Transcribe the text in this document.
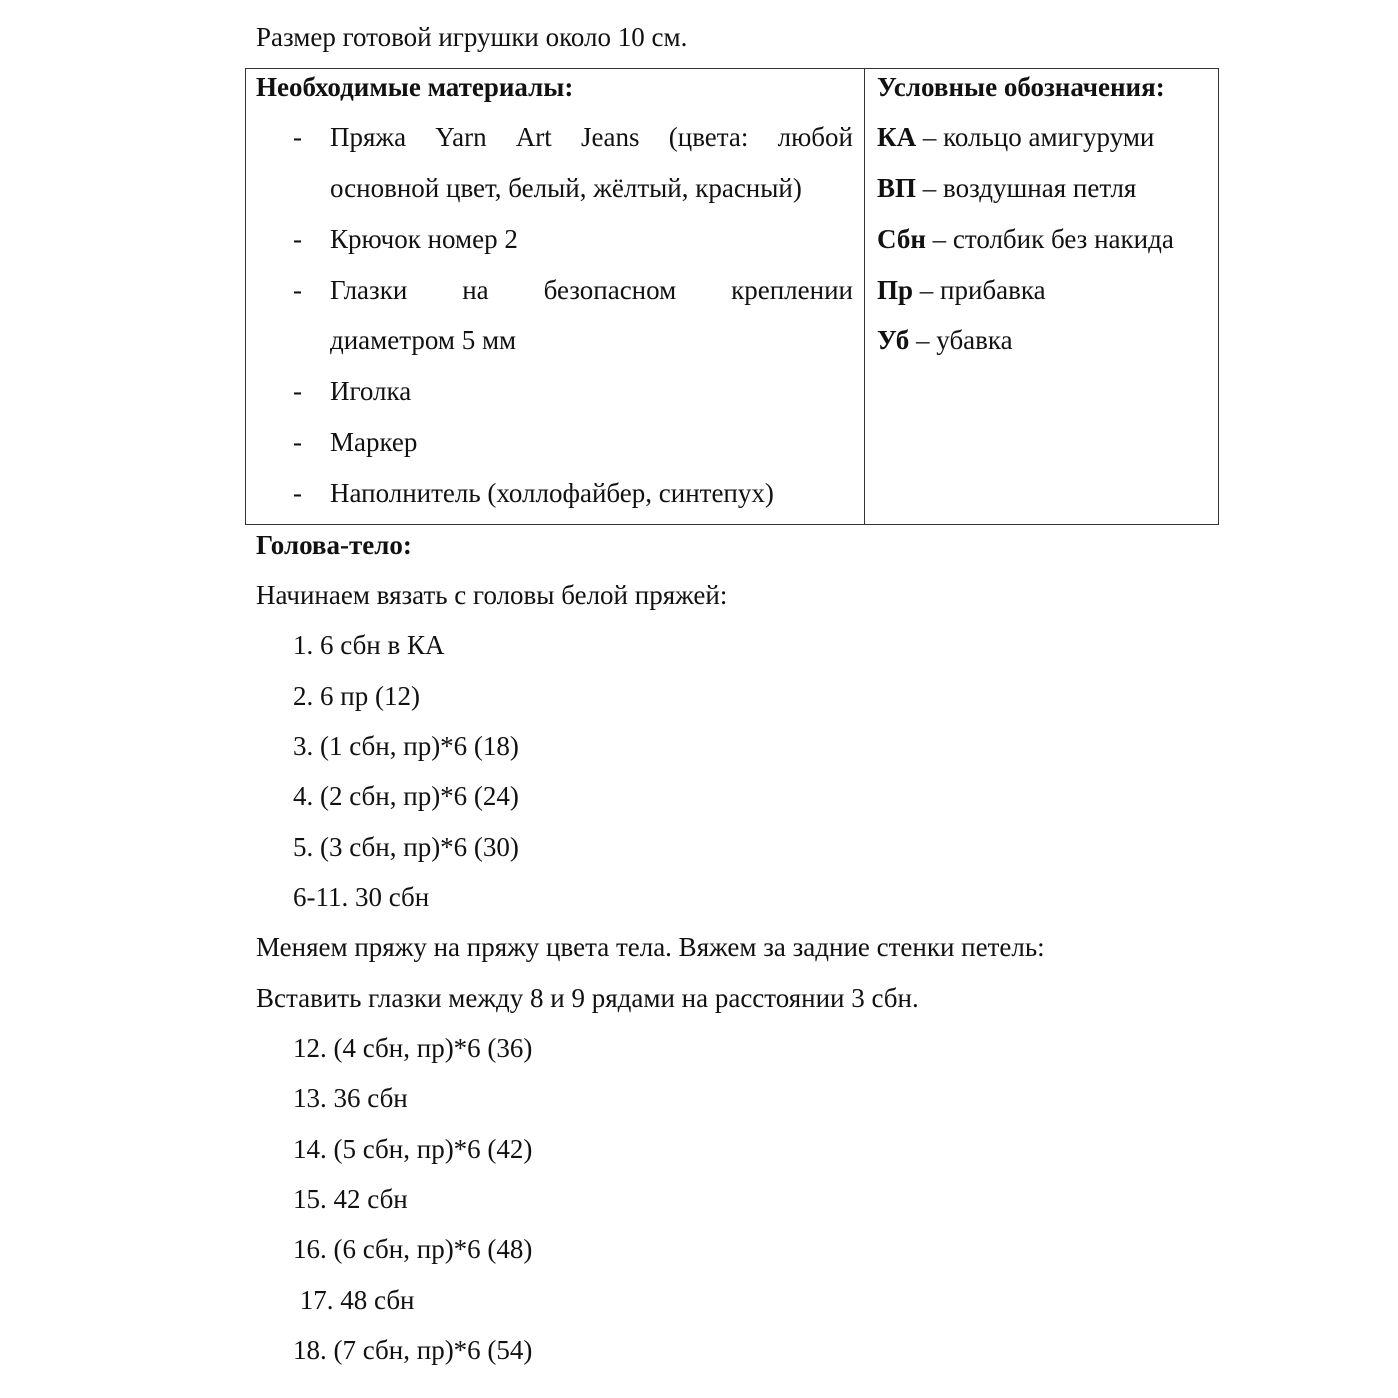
Размер готовой игрушки около 10 см.
Необходимые материалы:
- Пряжа Yarn Art Jeans (цвета: любой
основной цвет, белый, жёлтый, красный)
- Крючок номер 2
- Глазки на безопасном креплении
диаметром 5 мм
- Иголка
- Маркер
- Наполнитель (холлофайбер, синтепух)
Условные обозначения:
КА – кольцо амигуруми
ВП – воздушная петля
Сбн – столбик без накида
Пр – прибавка
Уб – убавка
Голова-тело:
Начинаем вязать с головы белой пряжей:
1. 6 сбн в КА
2. 6 пр (12)
3. (1 сбн, пр)*6 (18)
4. (2 сбн, пр)*6 (24)
5. (3 сбн, пр)*6 (30)
6-11. 30 сбн
Меняем пряжу на пряжу цвета тела. Вяжем за задние стенки петель:
Вставить глазки между 8 и 9 рядами на расстоянии 3 сбн.
12. (4 сбн, пр)*6 (36)
13. 36 сбн
14. (5 сбн, пр)*6 (42)
15. 42 сбн
16. (6 сбн, пр)*6 (48)
17. 48 сбн
18. (7 сбн, пр)*6 (54)
